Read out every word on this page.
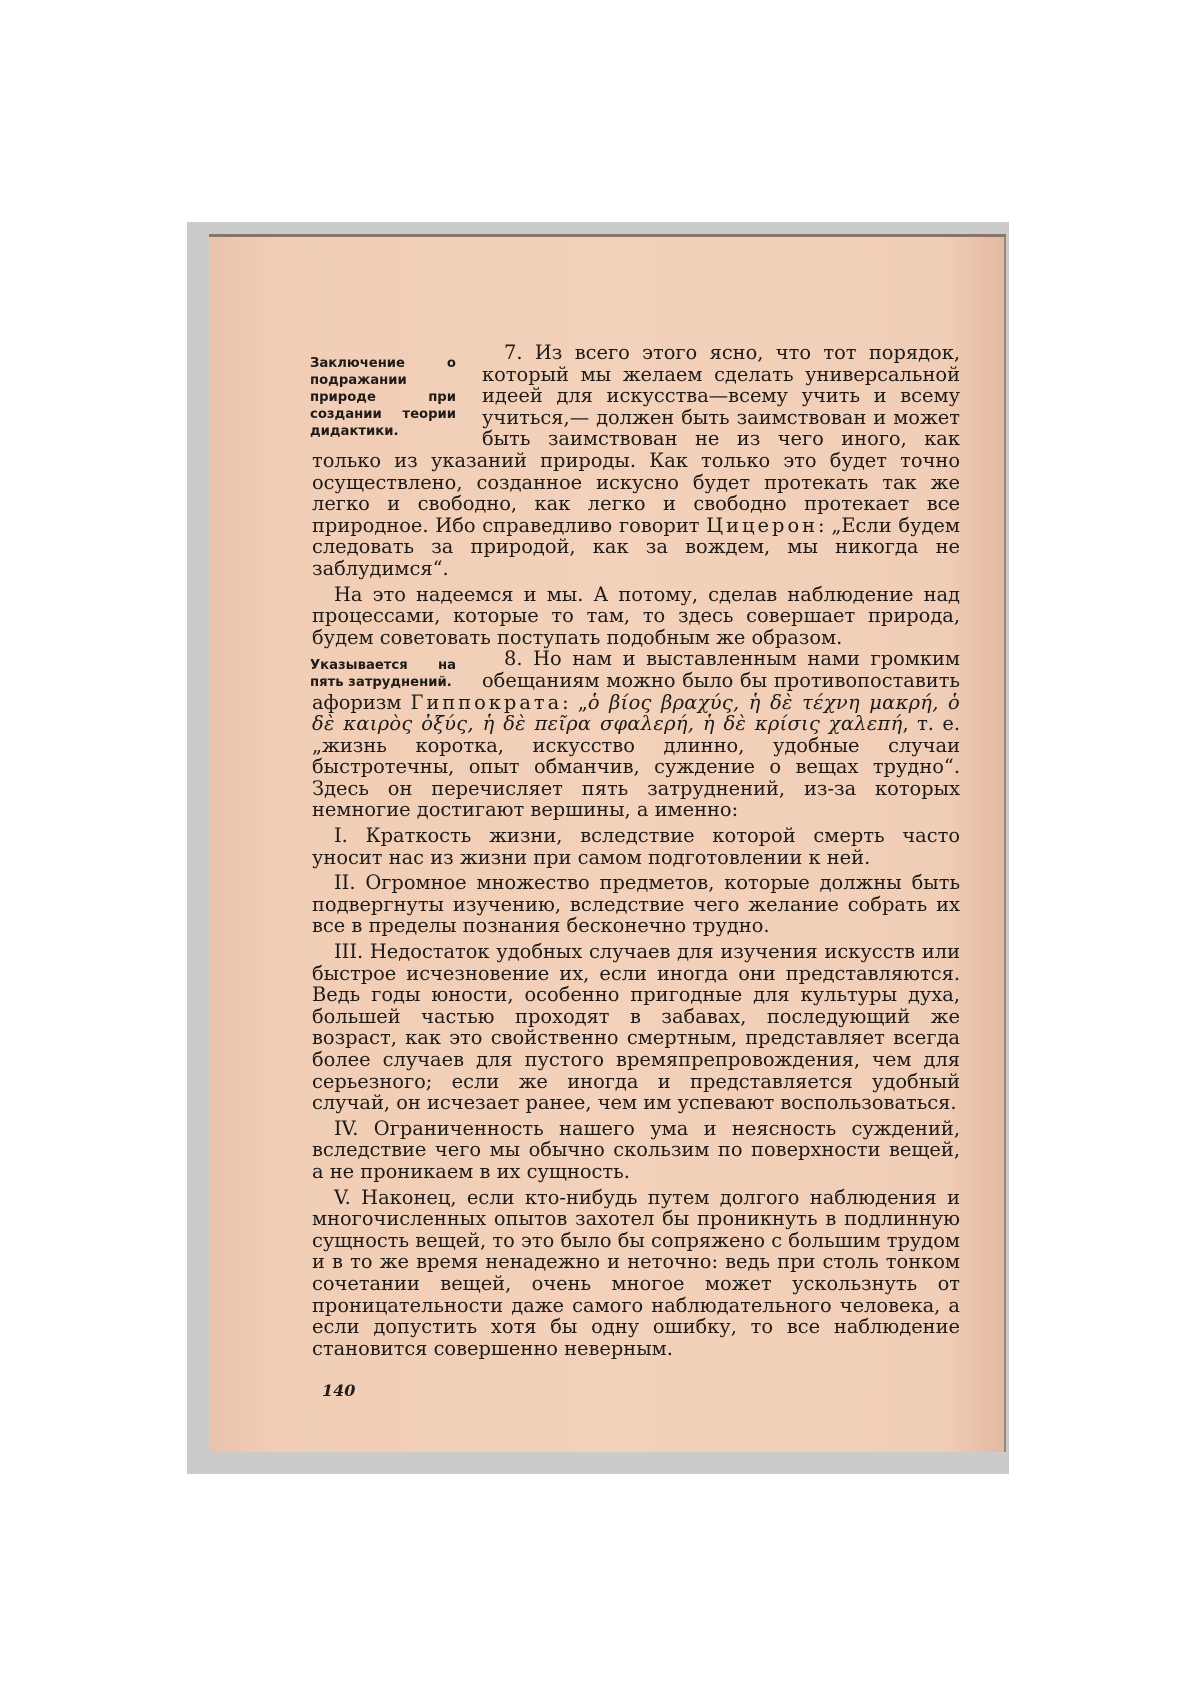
Заключение о подражании природе при создании теории дидактики.

7. Из всего этого ясно, что тот порядок, который мы желаем сделать универсальной идеей для искусства—всему учить и всему учиться,— должен быть заимствован и может быть заимствован не из чего иного, как только из указаний природы. Как только это будет точно осуществлено, созданное искусно будет протекать так же легко и свободно, как легко и свободно протекает все природное. Ибо справедливо говорит Цицерон: „Если будем следовать за природой, как за вождем, мы никогда не заблудимся“.

На это надеемся и мы. А потому, сделав наблюдение над процессами, которые то там, то здесь совершает природа, будем советовать поступать подобным же образом.

Указывается на пять затруднений.

8. Но нам и выставленным нами громким обещаниям можно было бы противопоставить афоризм Гиппократа: „ὁ βίος βραχύς, ἡ δὲ τέχνη μακρή, ὁ δὲ καιρὸς ὀξύς, ἡ δὲ πεῖρα σφαλερή, ἡ δὲ κρίσις χαλεπή, т. е. „жизнь коротка, искусство длинно, удобные случаи быстротечны, опыт обманчив, суждение о вещах трудно“. Здесь он перечисляет пять затруднений, из-за которых немногие достигают вершины, а именно:

I. Краткость жизни, вследствие которой смерть часто уносит нас из жизни при самом подготовлении к ней.

II. Огромное множество предметов, которые должны быть подвергнуты изучению, вследствие чего желание собрать их все в пределы познания бесконечно трудно.

III. Недостаток удобных случаев для изучения искусств или быстрое исчезновение их, если иногда они представляются. Ведь годы юности, особенно пригодные для культуры духа, большей частью проходят в забавах, последующий же возраст, как это свойственно смертным, представляет всегда более случаев для пустого времяпрепровождения, чем для серьезного; если же иногда и представляется удобный случай, он исчезает ранее, чем им успевают воспользоваться.

IV. Ограниченность нашего ума и неясность суждений, вследствие чего мы обычно скользим по поверхности вещей, а не проникаем в их сущность.

V. Наконец, если кто-нибудь путем долгого наблюдения и многочисленных опытов захотел бы проникнуть в подлинную сущность вещей, то это было бы сопряжено с большим трудом и в то же время ненадежно и неточно: ведь при столь тонком сочетании вещей, очень многое может ускользнуть от проницательности даже самого наблюдательного человека, а если допустить хотя бы одну ошибку, то все наблюдение становится совершенно неверным.

140
